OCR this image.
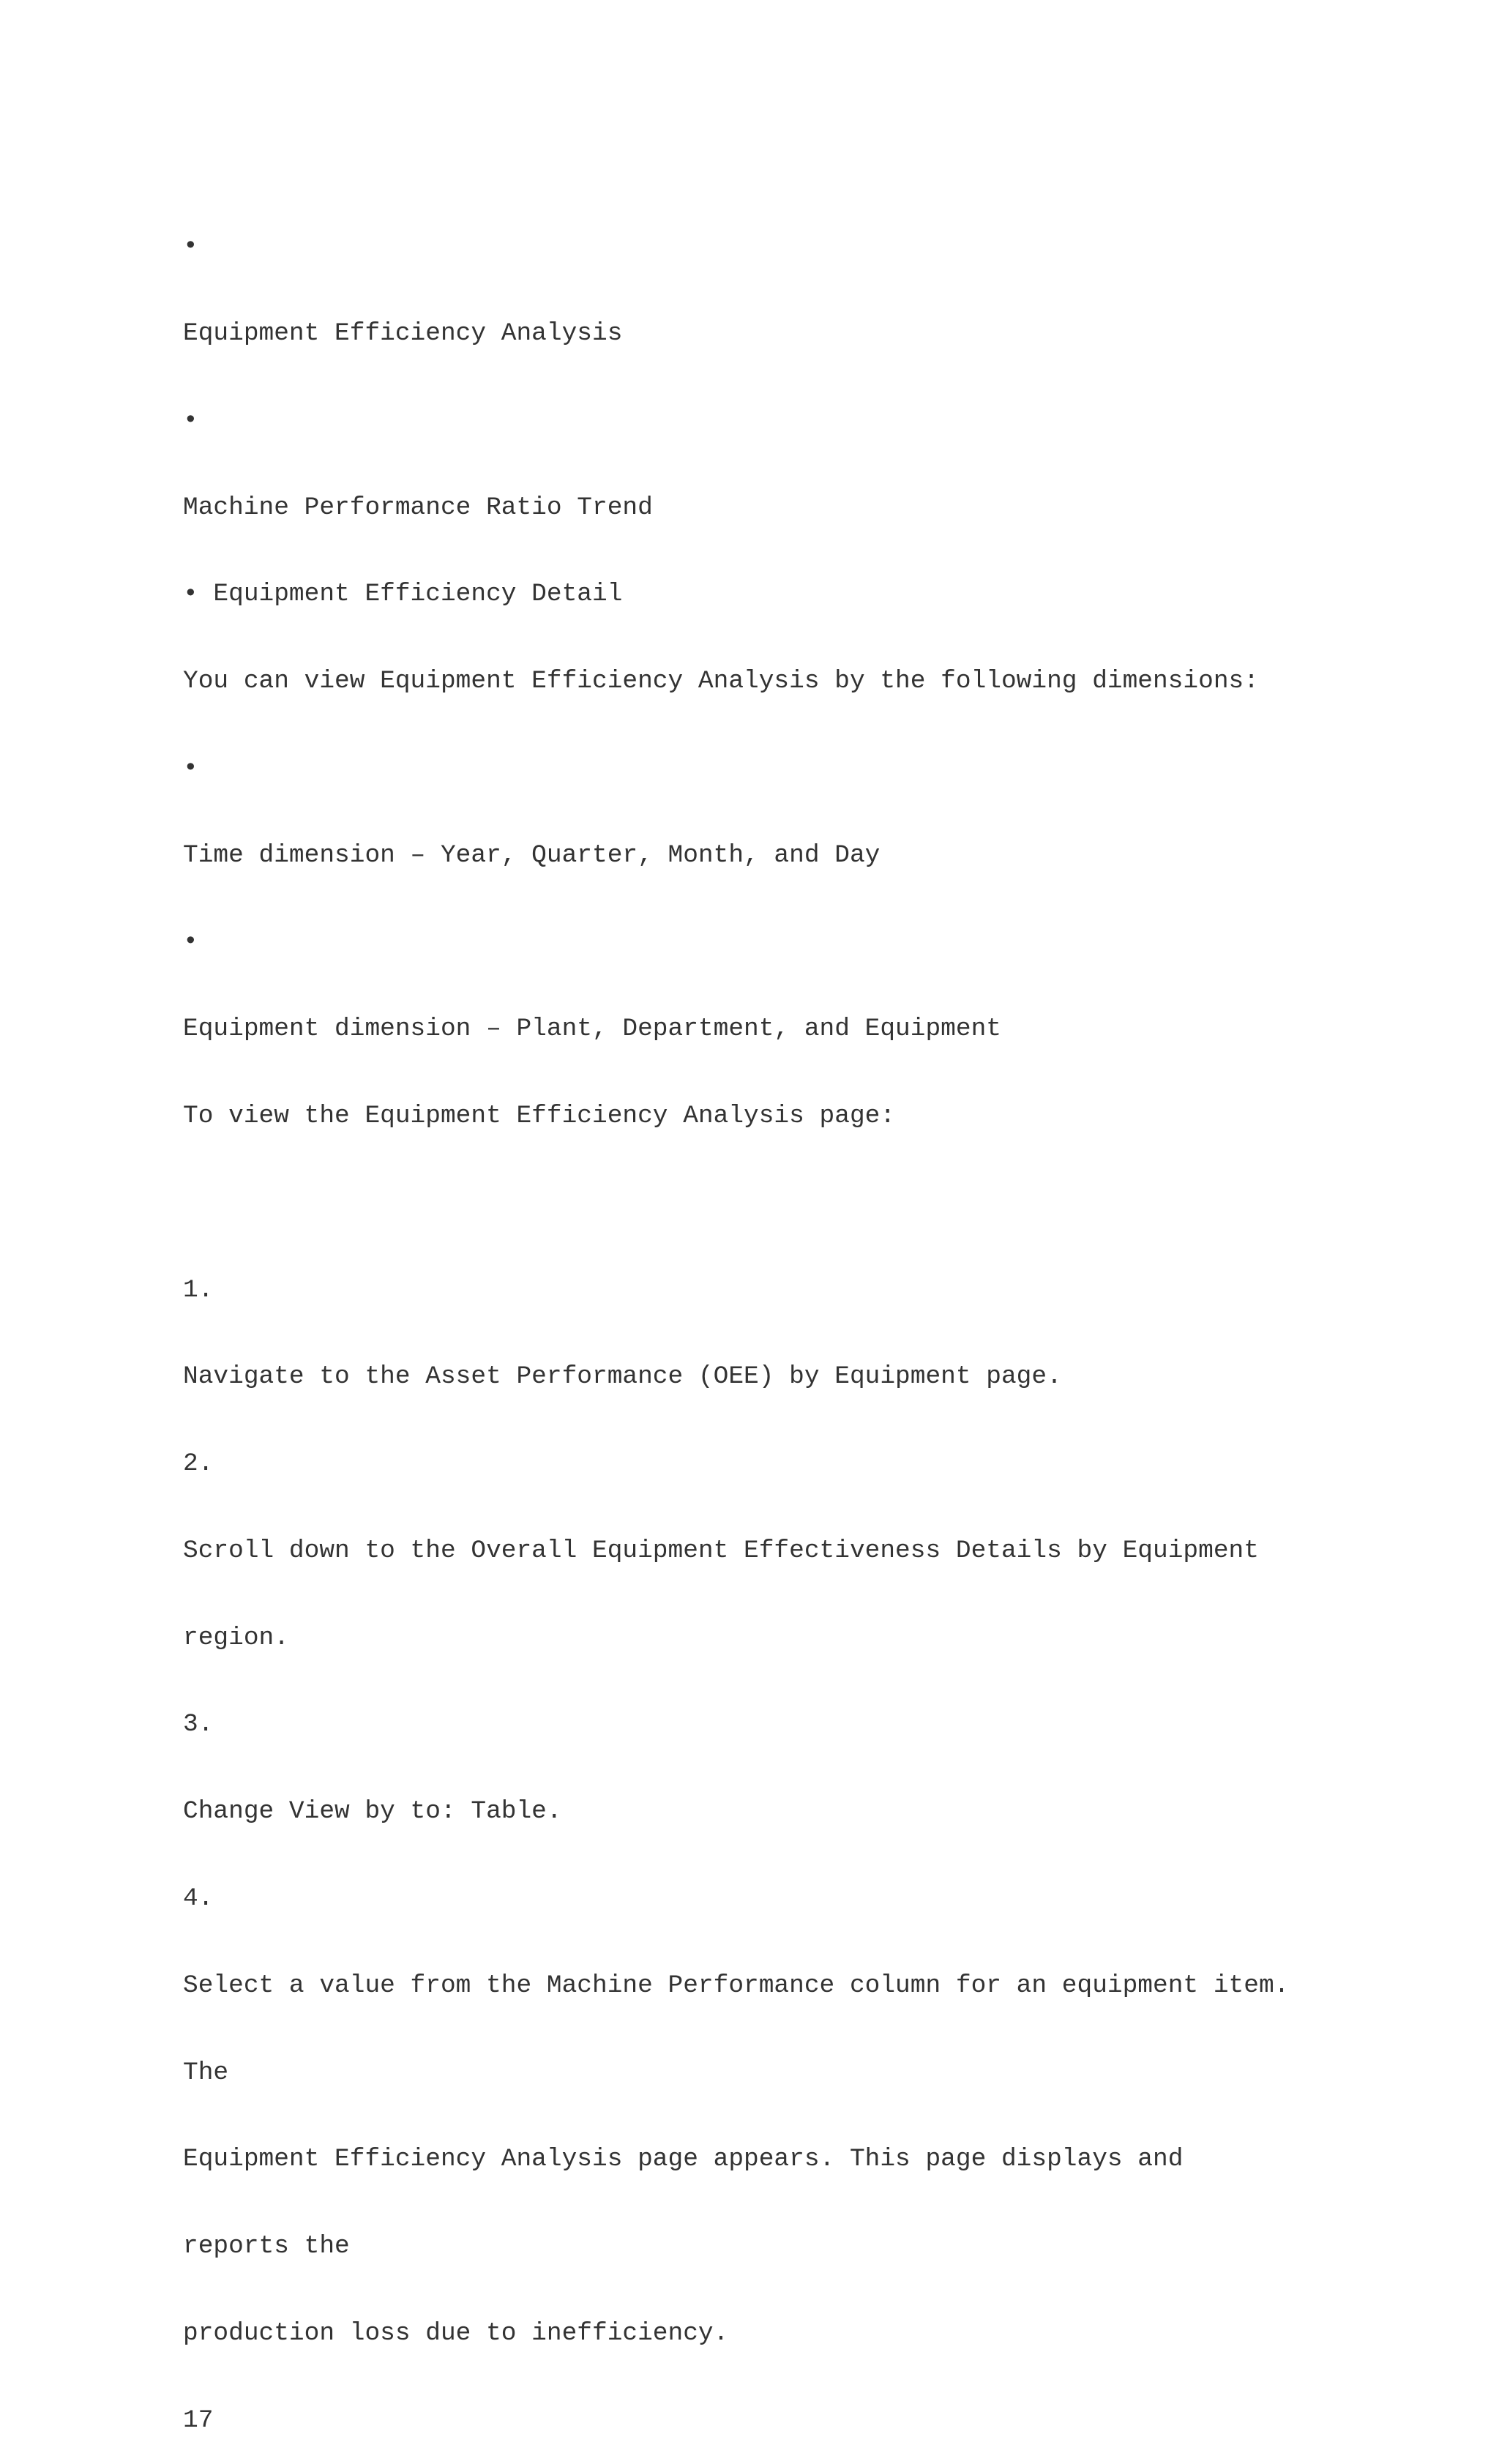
•

Equipment Efficiency Analysis

•

Machine Performance Ratio Trend

• Equipment Efficiency Detail

You can view Equipment Efficiency Analysis by the following dimensions:

•

Time dimension – Year, Quarter, Month, and Day

•

Equipment dimension – Plant, Department, and Equipment

To view the Equipment Efficiency Analysis page:

1.

Navigate to the Asset Performance (OEE) by Equipment page.

2.

Scroll down to the Overall Equipment Effectiveness Details by Equipment

region.

3.

Change View by to: Table.

4.

Select a value from the Machine Performance column for an equipment item.

The

Equipment Efficiency Analysis page appears. This page displays and

reports the

production loss due to inefficiency.

17
